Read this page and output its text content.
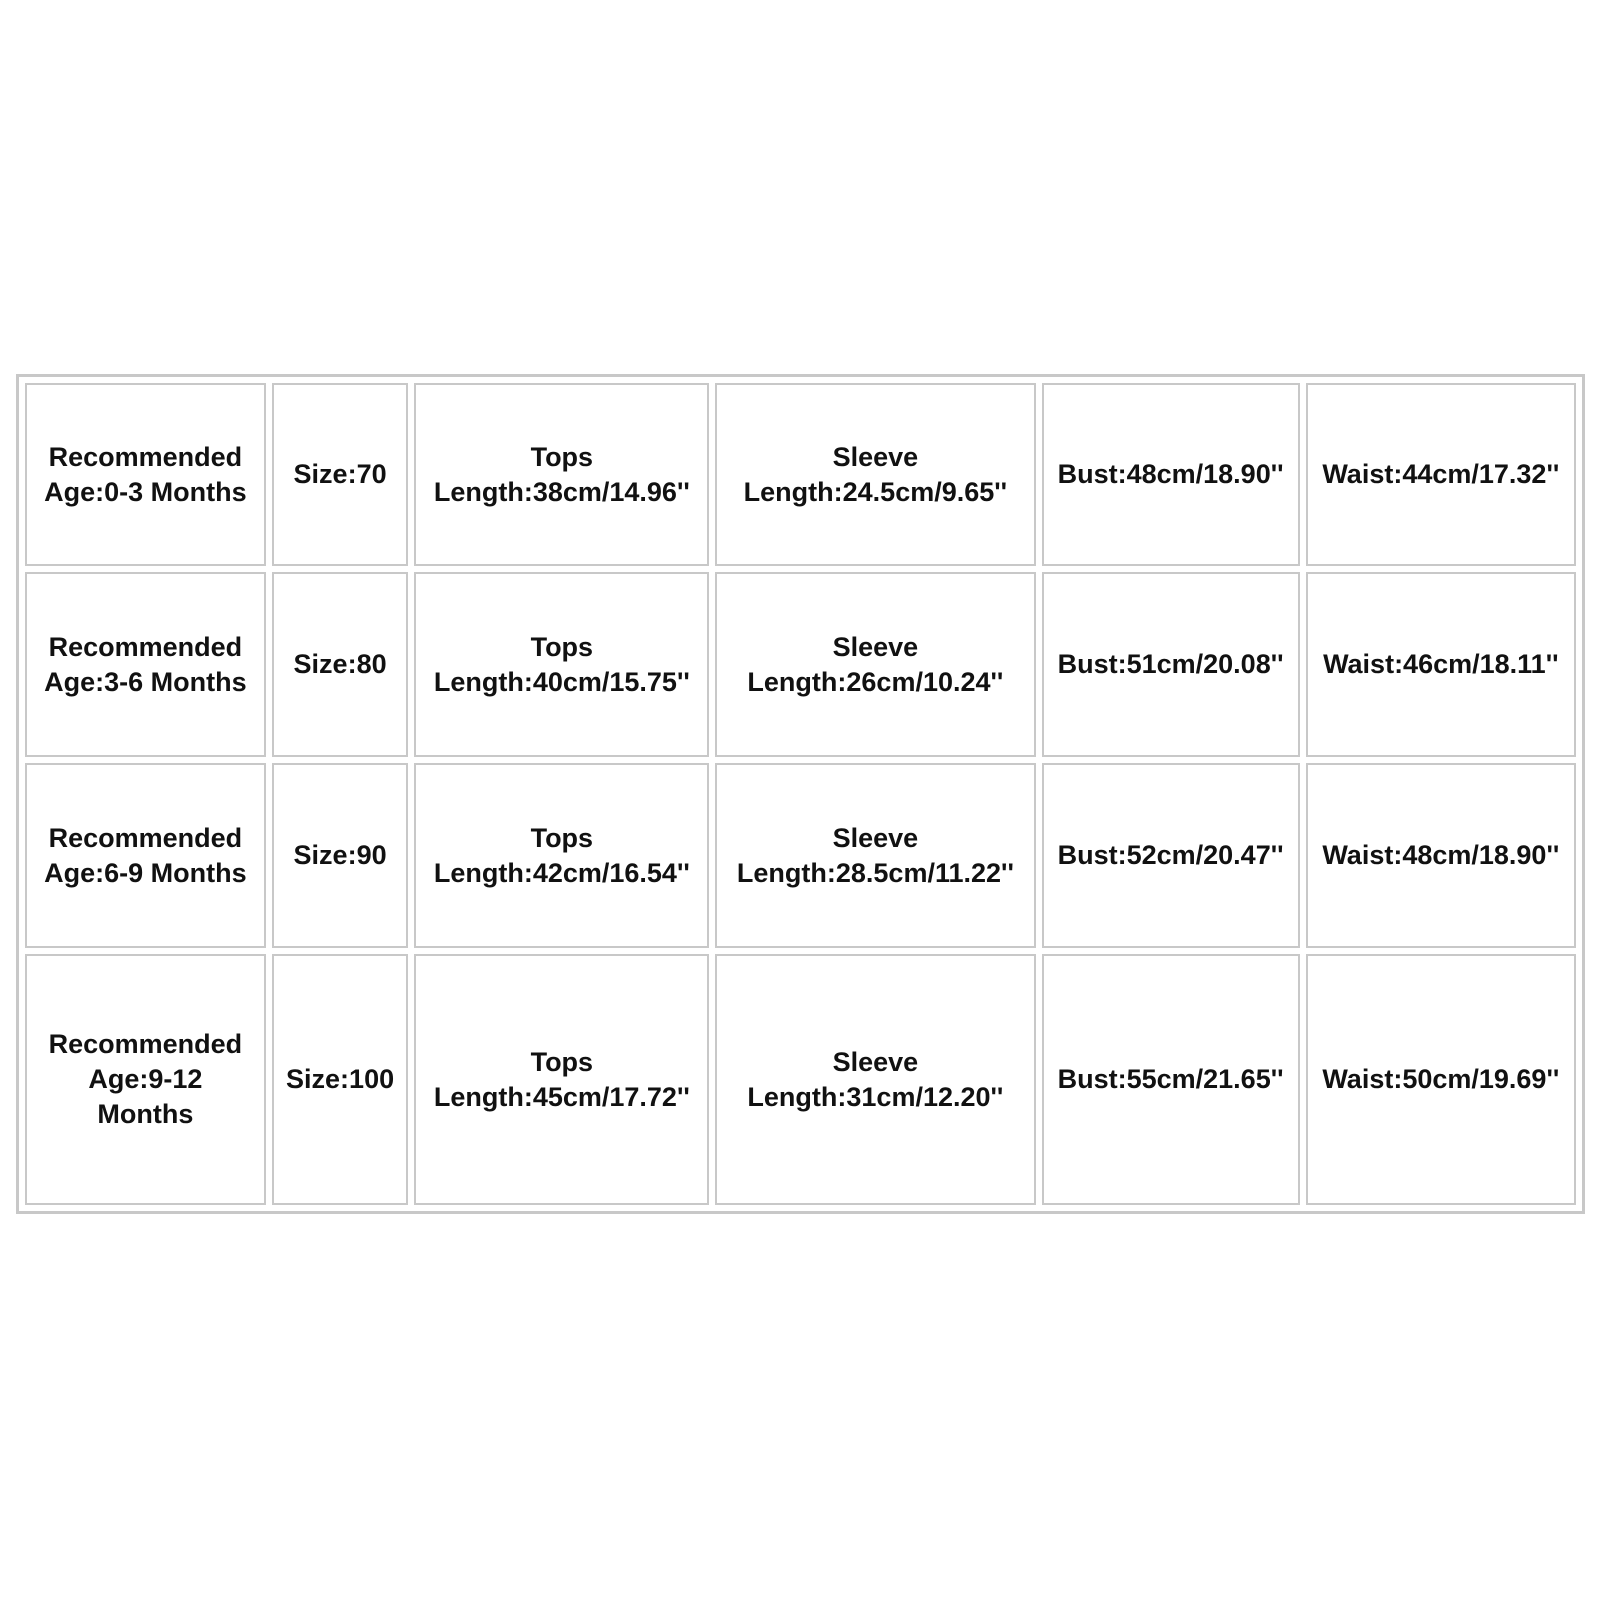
Recommended
Age:0-3 Months	Size:70	Tops
Length:38cm/14.96''	Sleeve
Length:24.5cm/9.65''	Bust:48cm/18.90''	Waist:44cm/17.32''

Recommended
Age:3-6 Months	Size:80	Tops
Length:40cm/15.75''	Sleeve
Length:26cm/10.24''	Bust:51cm/20.08''	Waist:46cm/18.11''

Recommended
Age:6-9 Months	Size:90	Tops
Length:42cm/16.54''	Sleeve
Length:28.5cm/11.22''	Bust:52cm/20.47''	Waist:48cm/18.90''

Recommended
Age:9-12
Months	Size:100	Tops
Length:45cm/17.72''	Sleeve
Length:31cm/12.20''	Bust:55cm/21.65''	Waist:50cm/19.69''
